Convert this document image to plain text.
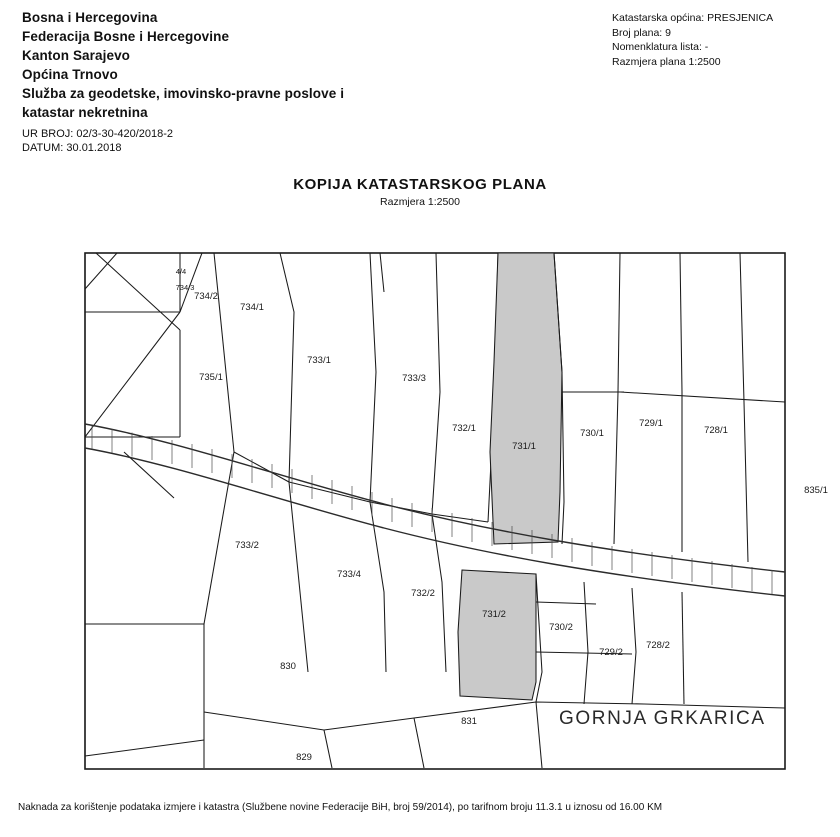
Bosna i Hercegovina
Federacija Bosne i Hercegovine
Kanton Sarajevo
Općina Trnovo
Služba za geodetske, imovinsko-pravne poslove i
katastar nekretnina
UR BROJ: 02/3-30-420/2018-2
DATUM: 30.01.2018
Katastarska općina: PRESJENICA
Broj plana: 9
Nomenklatura lista: -
Razmjera plana 1:2500
KOPIJA KATASTARSKOG PLANA
Razmjera 1:2500
4/4
734/3
734/2
734/1
733/1
735/1	733/3
732/1
731/1
730/1
729/1
728/1
835/1
733/2
733/4
732/2
731/2
730/2
729/2
728/2
830
831
829
GORNJA GRKARICA
Naknada za korištenje podataka izmjere i katastra (Službene novine Federacije BiH, broj 59/2014), po tarifnom broju 11.3.1 u iznosu od 16.00 KM
